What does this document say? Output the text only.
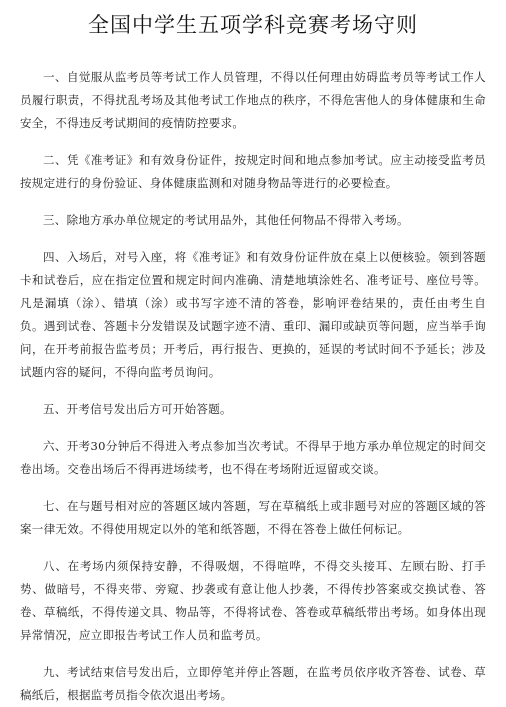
全国中学生五项学科竞赛考场守则

一、自觉服从监考员等考试工作人员管理，不得以任何理由妨碍监考员等考试工作人员履行职责，不得扰乱考场及其他考试工作地点的秩序，不得危害他人的身体健康和生命安全，不得违反考试期间的疫情防控要求。

二、凭《准考证》和有效身份证件，按规定时间和地点参加考试。应主动接受监考员按规定进行的身份验证、身体健康监测和对随身物品等进行的必要检查。

三、除地方承办单位规定的考试用品外，其他任何物品不得带入考场。

四、入场后，对号入座，将《准考证》和有效身份证件放在桌上以便核验。领到答题卡和试卷后，应在指定位置和规定时间内准确、清楚地填涂姓名、准考证号、座位号等。凡是漏填（涂）、错填（涂）或书写字迹不清的答卷，影响评卷结果的，责任由考生自负。遇到试卷、答题卡分发错误及试题字迹不清、重印、漏印或缺页等问题，应当举手询问，在开考前报告监考员；开考后，再行报告、更换的，延误的考试时间不予延长；涉及试题内容的疑问，不得向监考员询问。

五、开考信号发出后方可开始答题。

六、开考30分钟后不得进入考点参加当次考试。不得早于地方承办单位规定的时间交卷出场。交卷出场后不得再进场续考，也不得在考场附近逗留或交谈。

七、在与题号相对应的答题区域内答题，写在草稿纸上或非题号对应的答题区域的答案一律无效。不得使用规定以外的笔和纸答题，不得在答卷上做任何标记。

八、在考场内须保持安静，不得吸烟，不得喧哗，不得交头接耳、左顾右盼、打手势、做暗号，不得夹带、旁窥、抄袭或有意让他人抄袭，不得传抄答案或交换试卷、答卷、草稿纸，不得传递文具、物品等，不得将试卷、答卷或草稿纸带出考场。如身体出现异常情况，应立即报告考试工作人员和监考员。

九、考试结束信号发出后，立即停笔并停止答题，在监考员依序收齐答卷、试卷、草稿纸后，根据监考员指令依次退出考场。
